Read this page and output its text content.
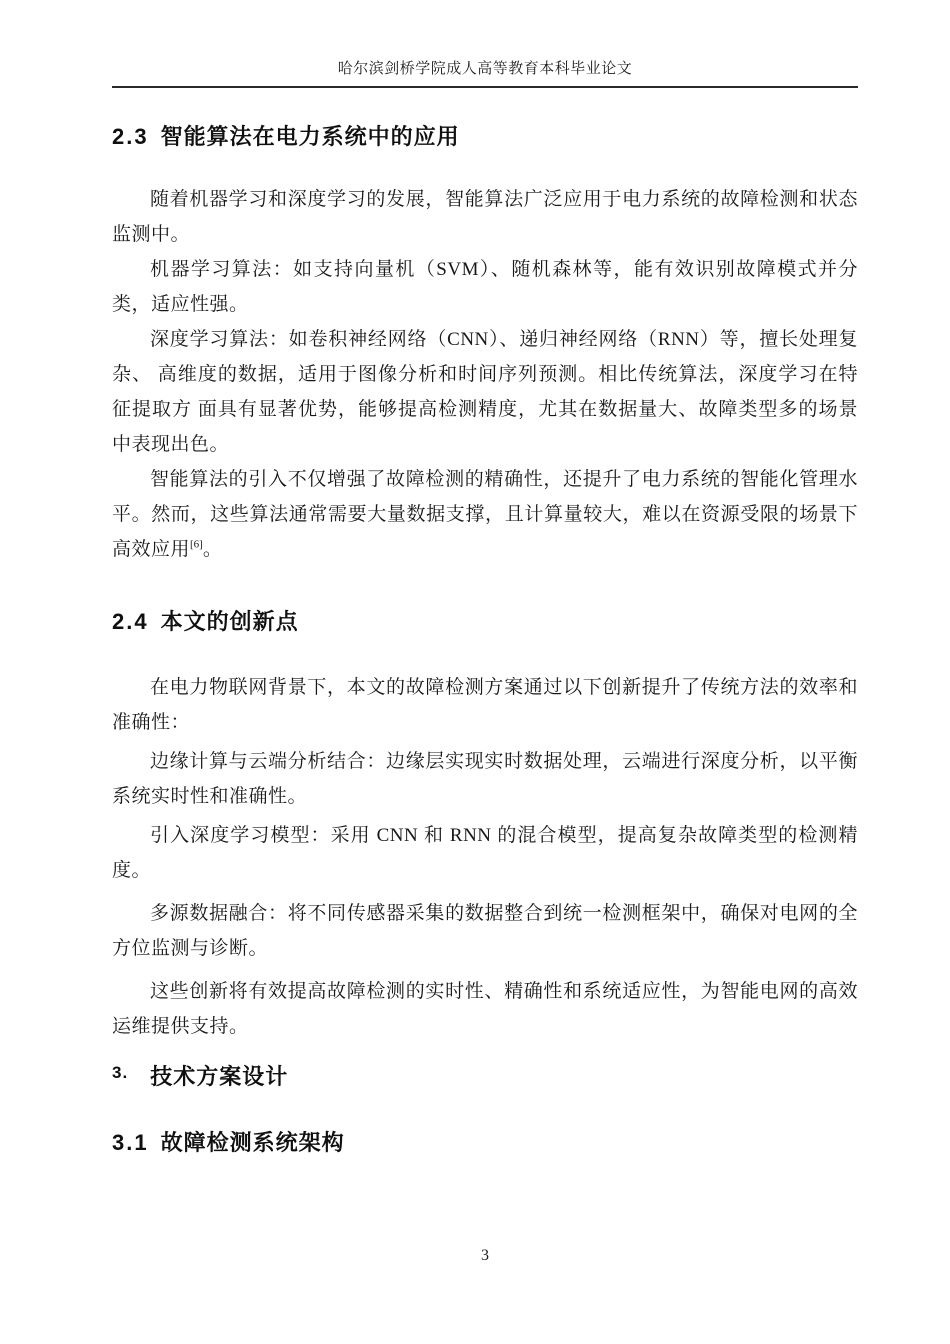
哈尔滨剑桥学院成人高等教育本科毕业论文
2.3 智能算法在电力系统中的应用

随着机器学习和深度学习的发展，智能算法广泛应用于电力系统的故障检测和状态监测中。

机器学习算法：如支持向量机（SVM）、随机森林等，能有效识别故障模式并分类，适应性强。

深度学习算法：如卷积神经网络（CNN）、递归神经网络（RNN）等，擅长处理复杂、 高维度的数据，适用于图像分析和时间序列预测。相比传统算法，深度学习在特征提取方 面具有显著优势，能够提高检测精度，尤其在数据量大、故障类型多的场景中表现出色。

智能算法的引入不仅增强了故障检测的精确性，还提升了电力系统的智能化管理水平。然而，这些算法通常需要大量数据支撑，且计算量较大，难以在资源受限的场景下高效应用[6]。

2.4 本文的创新点

在电力物联网背景下，本文的故障检测方案通过以下创新提升了传统方法的效率和准确性：

边缘计算与云端分析结合：边缘层实现实时数据处理，云端进行深度分析，以平衡系统实时性和准确性。

引入深度学习模型：采用 CNN 和 RNN 的混合模型，提高复杂故障类型的检测精度。

多源数据融合：将不同传感器采集的数据整合到统一检测框架中，确保对电网的全方位监测与诊断。

这些创新将有效提高故障检测的实时性、精确性和系统适应性，为智能电网的高效运维提供支持。

$^{3.}$ 技术方案设计
3.1 故障检测系统架构
3
